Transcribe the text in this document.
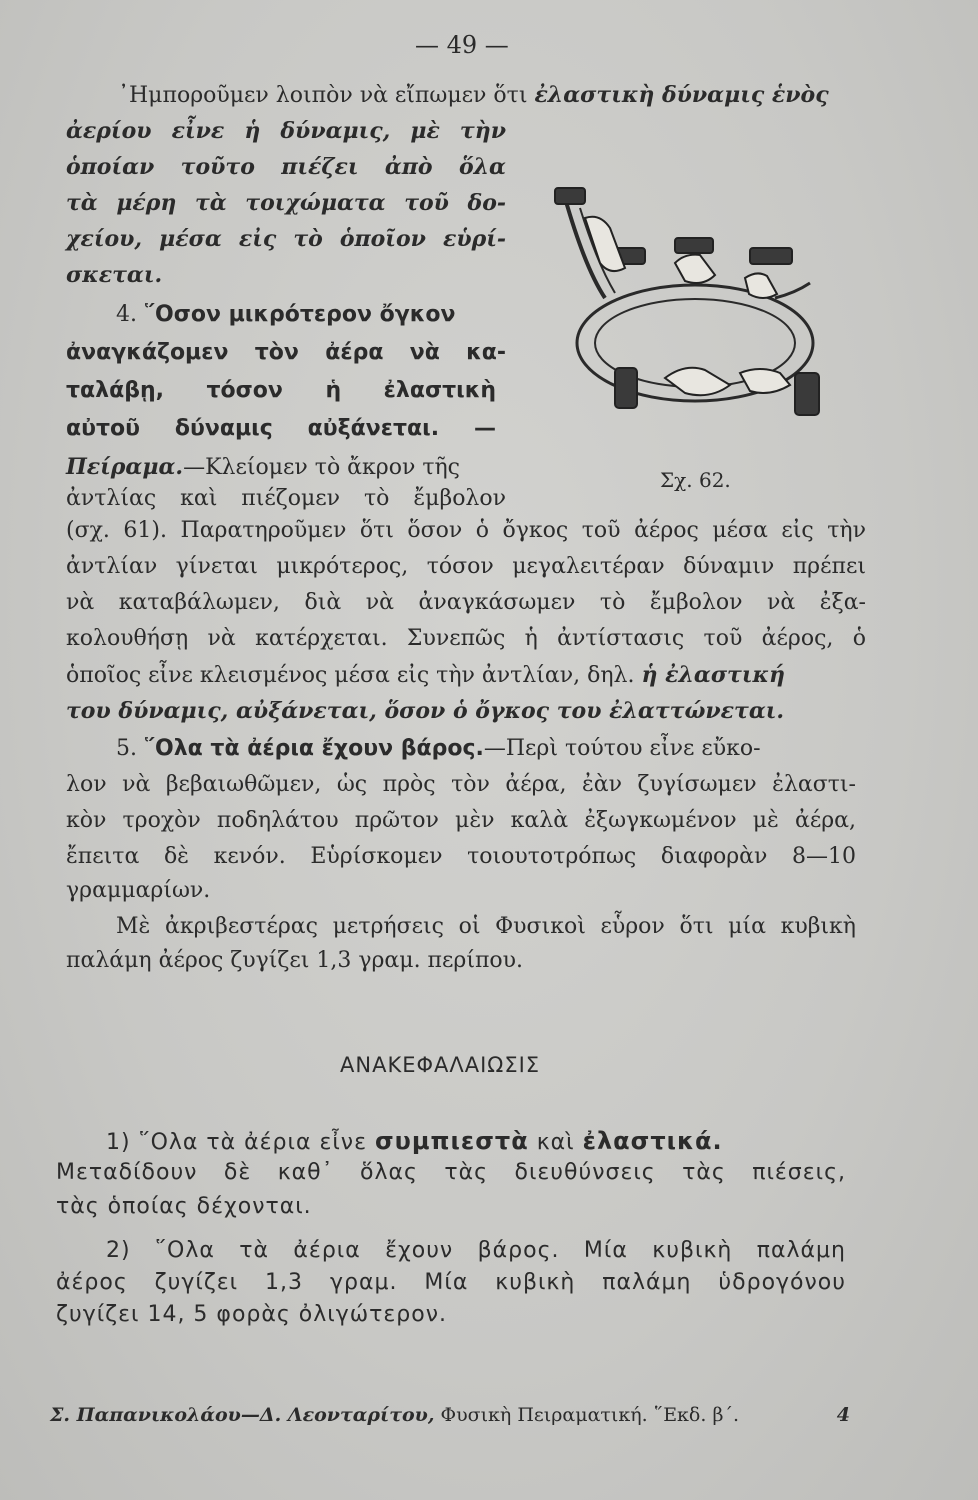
— 49 —
᾿Ημποροῦμεν λοιπὸν νὰ εἴπωμεν ὅτι ἐλαστικὴ δύναμις ἑνὸς
ἀερίου εἶνε ἡ δύναμις, μὲ τὴν
ὁποίαν τοῦτο πιέζει ἀπὸ ὅλα
τὰ μέρη τὰ τοιχώματα τοῦ δο-
χείου, μέσα εἰς τὸ ὁποῖον εὑρί-
σκεται.
4. ῞Οσον μικρότερον ὄγκον
ἀναγκάζομεν τὸν ἀέρα νὰ κα-
ταλάβῃ, τόσον ἡ ἐλαστικὴ
αὐτοῦ δύναμις αὐξάνεται. —
Πείραμα.—Κλείομεν τὸ ἄκρον τῆς
ἀντλίας καὶ πιέζομεν τὸ ἔμβολον
Σχ. 62.
(σχ. 61). Παρατηροῦμεν ὅτι ὅσον ὁ ὄγκος τοῦ ἀέρος μέσα εἰς τὴν
ἀντλίαν γίνεται μικρότερος, τόσον μεγαλειτέραν δύναμιν πρέπει
νὰ καταβάλωμεν, διὰ νὰ ἀναγκάσωμεν τὸ ἔμβολον νὰ ἐξα-
κολουθήσῃ νὰ κατέρχεται. Συνεπῶς ἡ ἀντίστασις τοῦ ἀέρος, ὁ
ὁποῖος εἶνε κλεισμένος μέσα εἰς τὴν ἀντλίαν, δηλ. ἡ ἐλαστική
του δύναμις, αὐξάνεται, ὅσον ὁ ὄγκος του ἐλαττώνεται.
5. ῞Ολα τὰ ἀέρια ἔχουν βάρος.—Περὶ τούτου εἶνε εὔκο-
λον νὰ βεβαιωθῶμεν, ὡς πρὸς τὸν ἀέρα, ἐὰν ζυγίσωμεν ἐλαστι-
κὸν τροχὸν ποδηλάτου πρῶτον μὲν καλὰ ἐξωγκωμένον μὲ ἀέρα,
ἔπειτα δὲ κενόν. Εὑρίσκομεν τοιουτοτρόπως διαφορὰν 8—10
γραμμαρίων.
Μὲ ἀκριβεστέρας μετρήσεις οἱ Φυσικοὶ εὗρον ὅτι μία κυβικὴ
παλάμη ἀέρος ζυγίζει 1,3 γραμ. περίπου.
ΑΝΑΚΕΦΑΛΑΙΩΣΙΣ
1) ῞Ολα τὰ ἀέρια εἶνε συμπιεστὰ καὶ ἐλαστικά.
Μεταδίδουν δὲ καθ᾿ ὅλας τὰς διευθύνσεις τὰς πιέσεις,
τὰς ὁποίας δέχονται.
2) ῞Ολα τὰ ἀέρια ἔχουν βάρος. Μία κυβικὴ παλάμη
ἀέρος ζυγίζει 1,3 γραμ. Μία κυβικὴ παλάμη ὑδρογόνου
ζυγίζει 14, 5 φορὰς ὀλιγώτερον.
Σ. Παπανικολάου—Δ. Λεονταρίτου, Φυσικὴ Πειραματική. ῞Εκδ. β΄.	4
